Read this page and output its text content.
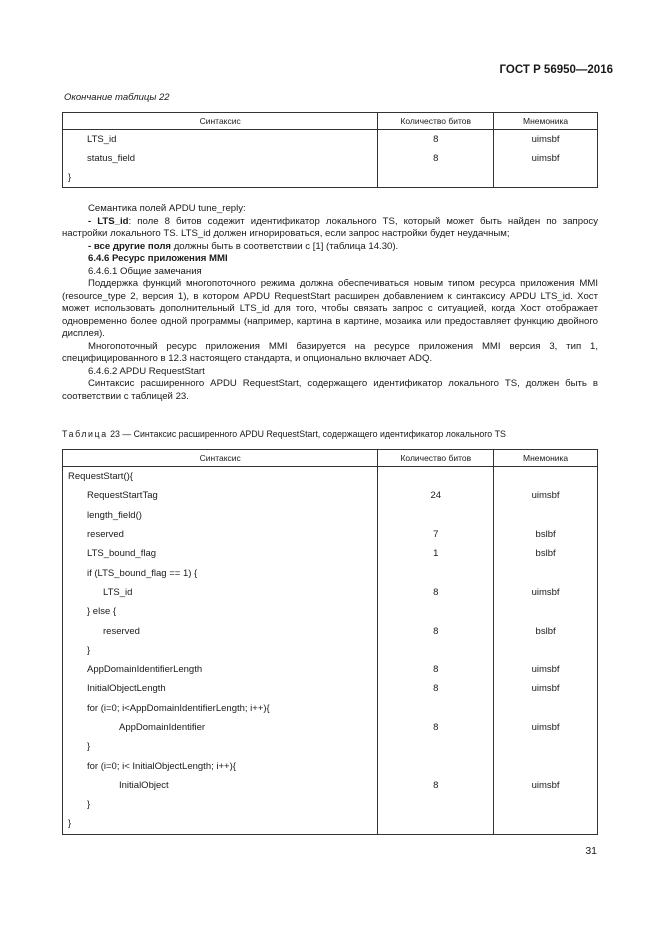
ГОСТ Р 56950—2016
Окончание таблицы 22
Синтаксис	Количество битов	Мнемоника
LTS_id	8	uimsbf
status_field	8	uimsbf
}		

Семантика полей APDU tune_reply:

- LTS_id: поле 8 битов содежит идентификатор локального TS, который может быть найден по запросу настройки локального TS. LTS_id должен игнорироваться, если запрос настройки будет неудачным;

- все другие поля должны быть в соответствии с [1] (таблица 14.30).

6.4.6 Ресурс приложения MMI

6.4.6.1 Общие замечания

Поддержка функций многопоточного режима должна обеспечиваться новым типом ресурса приложения MMI (resource_type 2, версия 1), в котором APDU RequestStart расширен добавлением к синтаксису APDU LTS_id. Хост может использовать дополнительный LTS_id для того, чтобы связать запрос с ситуацией, когда Хост отображает одновременно более одной программы (например, картина в картине, мозаика или предоставляет функцию двойного дисплея).

Многопоточный ресурс приложения MMI базируется на ресурсе приложения MMI версия 3, тип 1, специфицированного в 12.3 настоящего стандарта, и опционально включает ADQ.

6.4.6.2 APDU RequestStart

Синтаксис расширенного APDU RequestStart, содержащего идентификатор локального TS, должен быть в соответствии с таблицей 23.

Таблица 23 — Синтаксис расширенного APDU RequestStart, содержащего идентификатор локального TS
Синтаксис	Количество битов	Мнемоника
RequestStart(){		
RequestStartTag	24	uimsbf
length_field()		
reserved	7	bslbf
LTS_bound_flag	1	bslbf
if (LTS_bound_flag == 1) {		
LTS_id	8	uimsbf
} else {		
reserved	8	bslbf
}		
AppDomainIdentifierLength	8	uimsbf
InitialObjectLength	8	uimsbf
for (i=0; i<AppDomainIdentifierLength; i++){		
AppDomainIdentifier	8	uimsbf
}		
for (i=0; i< InitialObjectLength; i++){		
InitialObject	8	uimsbf
}		
}		
31
